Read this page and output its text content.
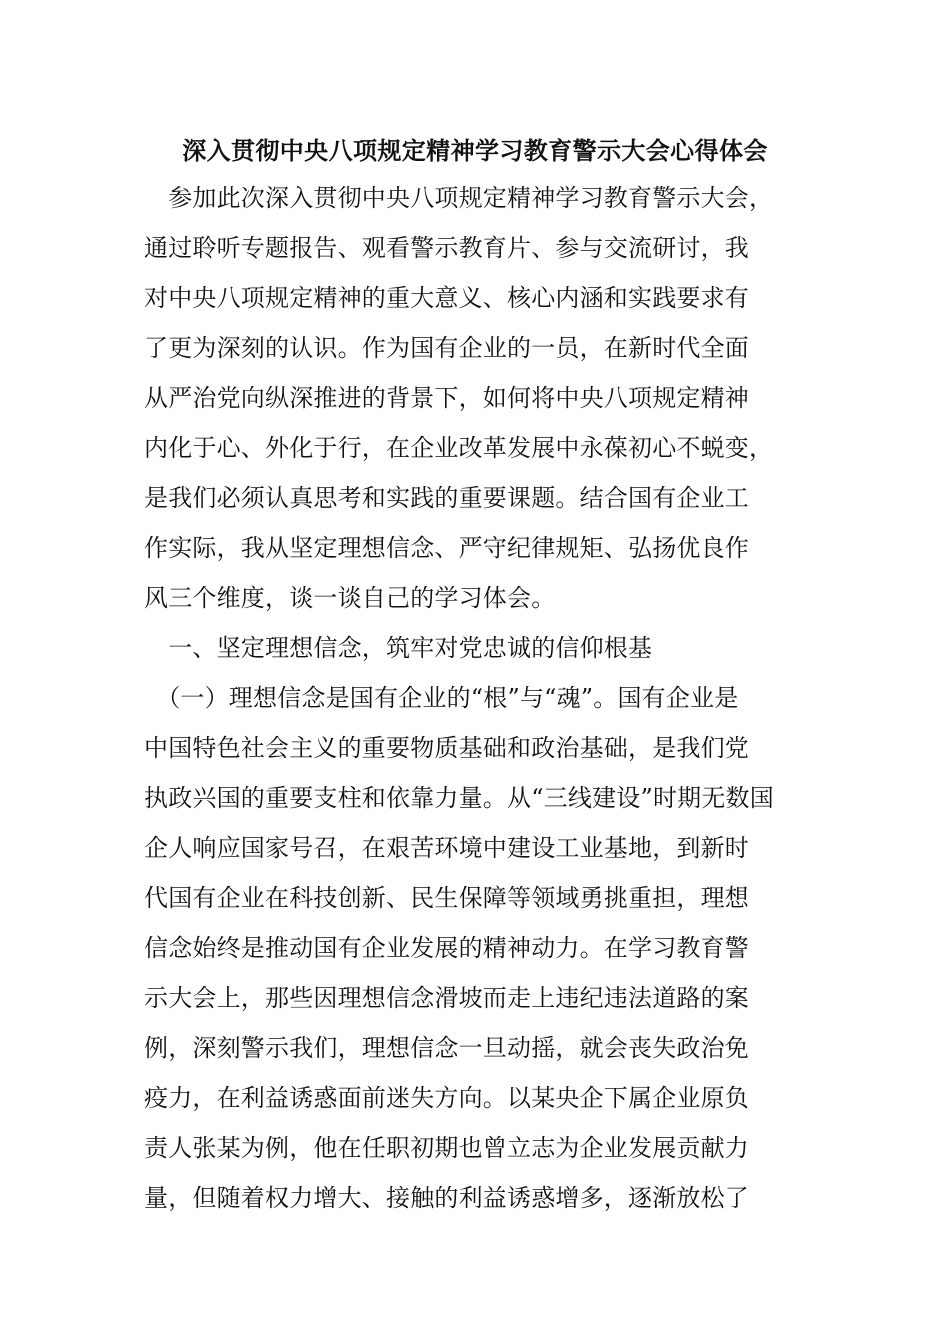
深入贯彻中央八项规定精神学习教育警示大会心得体会
　参加此次深入贯彻中央八项规定精神学习教育警示大会，
通过聆听专题报告、观看警示教育片、参与交流研讨，我
对中央八项规定精神的重大意义、核心内涵和实践要求有
了更为深刻的认识。作为国有企业的一员，在新时代全面
从严治党向纵深推进的背景下，如何将中央八项规定精神
内化于心、外化于行，在企业改革发展中永葆初心不蜕变，
是我们必须认真思考和实践的重要课题。结合国有企业工
作实际，我从坚定理想信念、严守纪律规矩、弘扬优良作
风三个维度，谈一谈自己的学习体会。
　一、坚定理想信念，筑牢对党忠诚的信仰根基
　（一）理想信念是国有企业的“根”与“魂”。国有企业是
中国特色社会主义的重要物质基础和政治基础，是我们党
执政兴国的重要支柱和依靠力量。从“三线建设”时期无数国
企人响应国家号召，在艰苦环境中建设工业基地，到新时
代国有企业在科技创新、民生保障等领域勇挑重担，理想
信念始终是推动国有企业发展的精神动力。在学习教育警
示大会上，那些因理想信念滑坡而走上违纪违法道路的案
例，深刻警示我们，理想信念一旦动摇，就会丧失政治免
疫力，在利益诱惑面前迷失方向。以某央企下属企业原负
责人张某为例，他在任职初期也曾立志为企业发展贡献力
量，但随着权力增大、接触的利益诱惑增多，逐渐放松了
